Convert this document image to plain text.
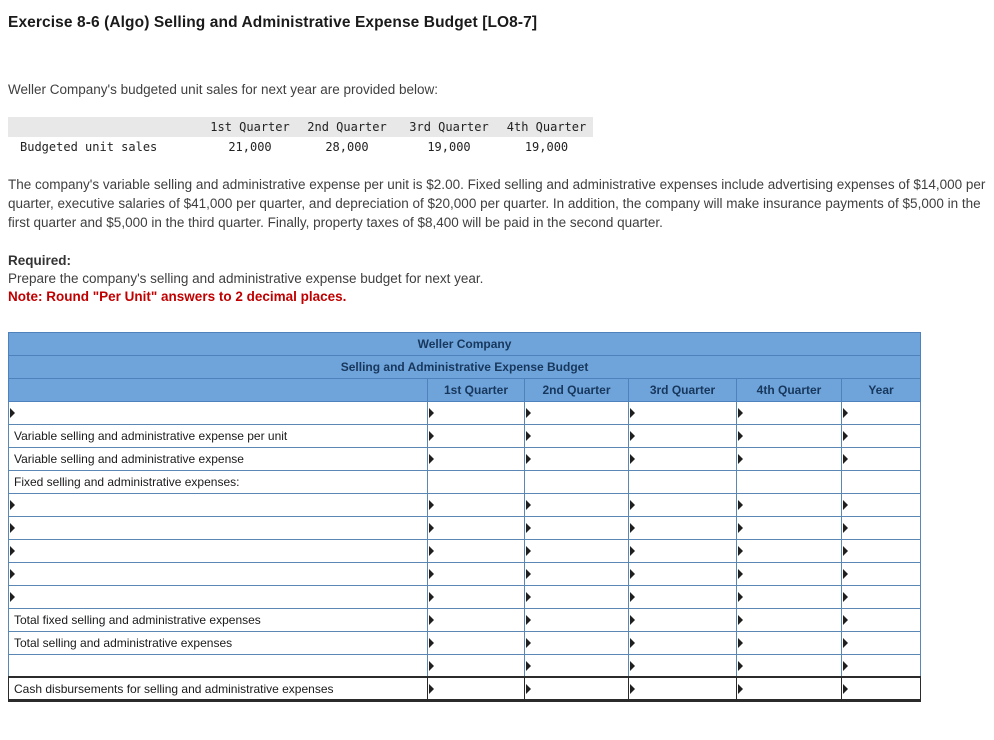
Exercise 8-6 (Algo) Selling and Administrative Expense Budget [LO8-7]
Weller Company's budgeted unit sales for next year are provided below:
	1st Quarter	2nd Quarter	3rd Quarter	4th Quarter
Budgeted unit sales	21,000	28,000	19,000	19,000
The company's variable selling and administrative expense per unit is $2.00. Fixed selling and administrative expenses include advertising expenses of $14,000 per quarter, executive salaries of $41,000 per quarter, and depreciation of $20,000 per quarter. In addition, the company will make insurance payments of $5,000 in the first quarter and $5,000 in the third quarter. Finally, property taxes of $8,400 will be paid in the second quarter.
Required:
Prepare the company's selling and administrative expense budget for next year.
Note: Round "Per Unit" answers to 2 decimal places.
Weller Company					
Selling and Administrative Expense Budget					
	1st Quarter	2nd Quarter	3rd Quarter	4th Quarter	Year

Variable selling and administrative expense per unit	

Variable selling and administrative expense	

Fixed selling and administrative expenses:					

Total fixed selling and administrative expenses	

Total selling and administrative expenses	

Cash disbursements for selling and administrative expenses	
